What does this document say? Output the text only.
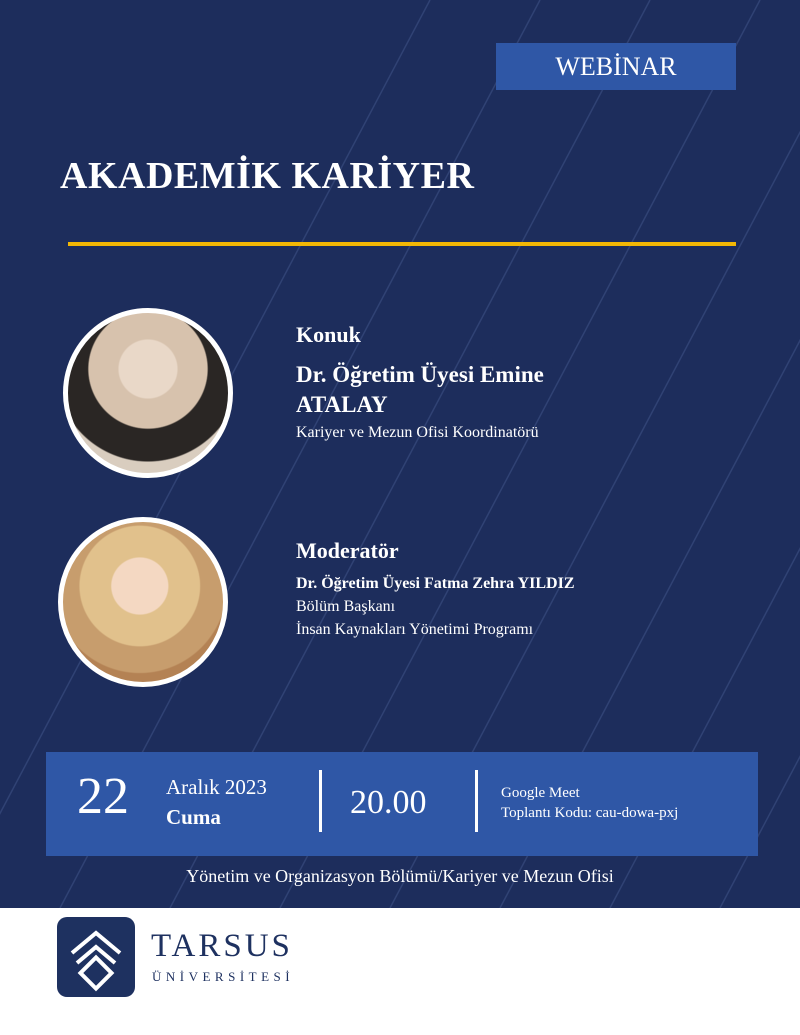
WEBİNAR
AKADEMİK KARİYER
Konuk
Dr. Öğretim Üyesi Emine
ATALAY
Kariyer ve Mezun Ofisi Koordinatörü
Moderatör
Dr. Öğretim Üyesi Fatma Zehra YILDIZ
Bölüm Başkanı
İnsan Kaynakları Yönetimi Programı
22 Aralık 2023
Cuma	20.00	Google Meet
Toplantı Kodu: cau-dowa-pxj
Yönetim ve Organizasyon Bölümü/Kariyer ve Mezun Ofisi
TARSUS
ÜNİVERSİTESİ
